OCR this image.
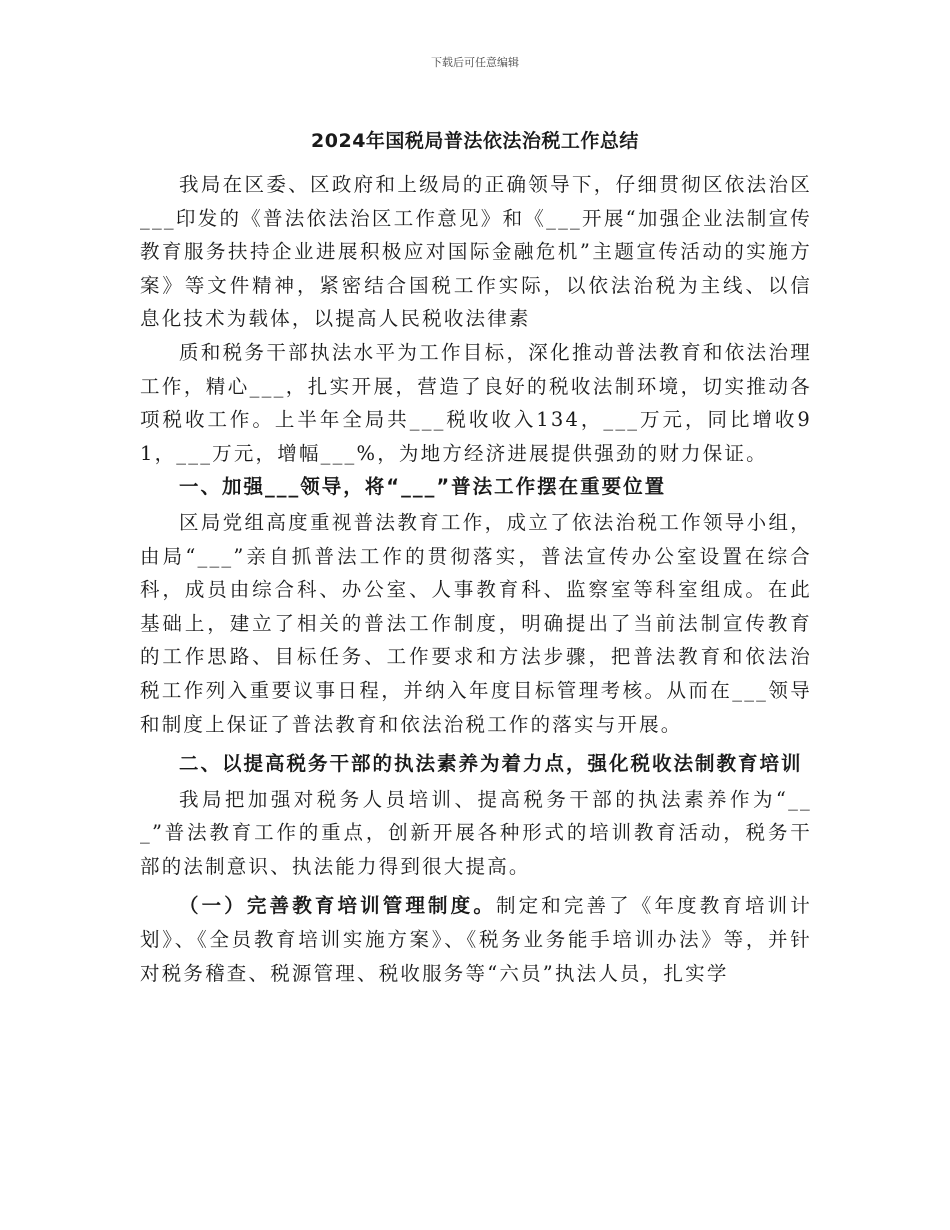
下载后可任意编辑
2024年国税局普法依法治税工作总结

我局在区委、区政府和上级局的正确领导下，仔细贯彻区依法治区___印发的《普法依法治区工作意见》和《___开展“加强企业法制宣传教育服务扶持企业进展积极应对国际金融危机”主题宣传活动的实施方案》等文件精神，紧密结合国税工作实际，以依法治税为主线、以信息化技术为载体，以提高人民税收法律素

质和税务干部执法水平为工作目标，深化推动普法教育和依法治理工作，精心___，扎实开展，营造了良好的税收法制环境，切实推动各项税收工作。上半年全局共___税收收入134，___万元，同比增收91，___万元，增幅___%，为地方经济进展提供强劲的财力保证。

一、加强___领导，将“___”普法工作摆在重要位置

区局党组高度重视普法教育工作，成立了依法治税工作领导小组，由局“___”亲自抓普法工作的贯彻落实，普法宣传办公室设置在综合科，成员由综合科、办公室、人事教育科、监察室等科室组成。在此基础上，建立了相关的普法工作制度，明确提出了当前法制宣传教育的工作思路、目标任务、工作要求和方法步骤，把普法教育和依法治税工作列入重要议事日程，并纳入年度目标管理考核。从而在___领导和制度上保证了普法教育和依法治税工作的落实与开展。

二、以提高税务干部的执法素养为着力点，强化税收法制教育培训

我局把加强对税务人员培训、提高税务干部的执法素养作为“___”普法教育工作的重点，创新开展各种形式的培训教育活动，税务干部的法制意识、执法能力得到很大提高。

（一）完善教育培训管理制度。制定和完善了《年度教育培训计划》、《全员教育培训实施方案》、《税务业务能手培训办法》等，并针对税务稽查、税源管理、税收服务等“六员”执法人员，扎实学
